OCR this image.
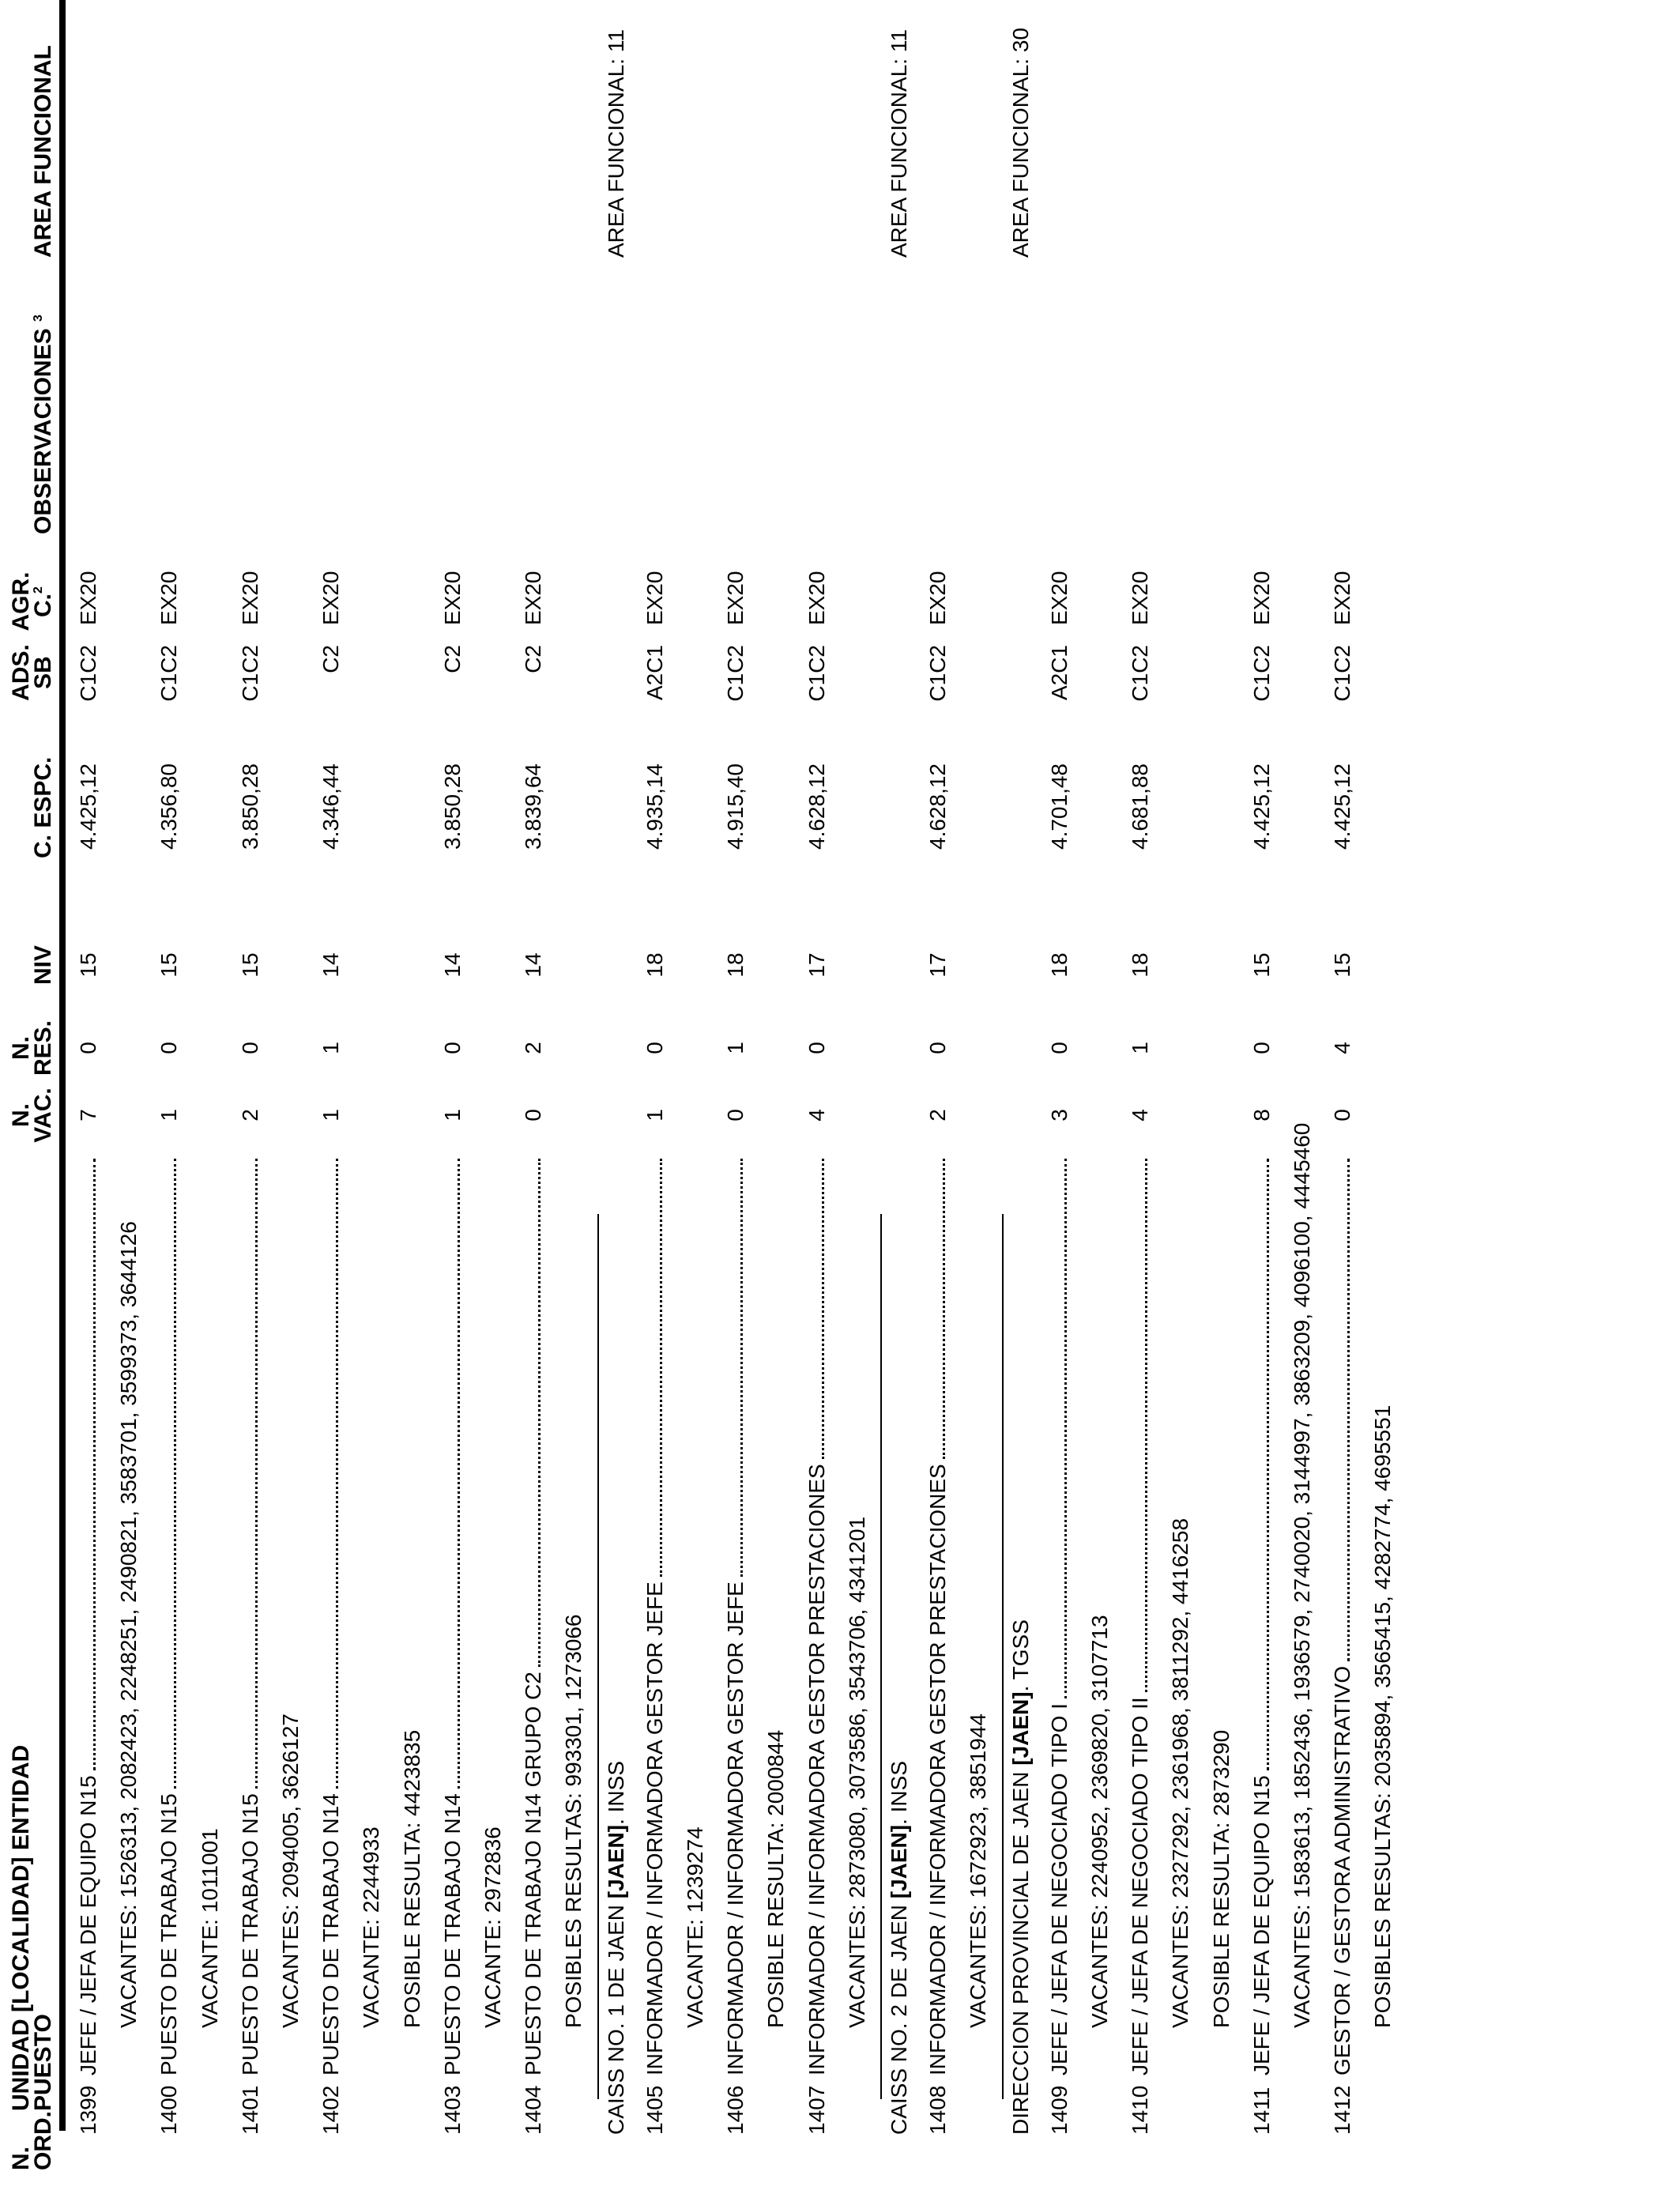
N.
ORD.
UNIDAD [LOCALIDAD] ENTIDAD
PUESTO
N.
VAC.
N.
RES.
NIV
C. ESPC.
ADS.
SB
AGR.
C.$^2$
OBSERVACIONES $^3$
AREA FUNCIONAL
1399
JEFE / JEFA DE EQUIPO N15
7
0
15
4.425,12
C1C2
EX20
VACANTES: 1526313, 2082423, 2248251, 2490821, 3583701, 3599373, 3644126
1400
PUESTO DE TRABAJO N15
1
0
15
4.356,80
C1C2
EX20
VACANTE: 1011001
1401
PUESTO DE TRABAJO N15
2
0
15
3.850,28
C1C2
EX20
VACANTES: 2094005, 3626127
1402
PUESTO DE TRABAJO N14
1
1
14
4.346,44
C2
EX20
VACANTE: 2244933 POSIBLE RESULTA: 4423835
1403
PUESTO DE TRABAJO N14
1
0
14
3.850,28
C2
EX20
VACANTE: 2972836
1404
PUESTO DE TRABAJO N14 GRUPO C2
0
2
14
3.839,64
C2
EX20
POSIBLES RESULTAS: 993301, 1273066 CAISS NO. 1 DE JAEN [JAEN]. INSS
AREA FUNCIONAL: 11
1405
INFORMADOR / INFORMADORA GESTOR JEFE
1
0
18
4.935,14
A2C1
EX20
VACANTE: 1239274
1406
INFORMADOR / INFORMADORA GESTOR JEFE
0
1
18
4.915,40
C1C2
EX20
POSIBLE RESULTA: 2000844
1407
INFORMADOR / INFORMADORA GESTOR PRESTACIONES
4
0
17
4.628,12
C1C2
EX20
VACANTES: 2873080, 3073586, 3543706, 4341201 CAISS NO. 2 DE JAEN [JAEN]. INSS
AREA FUNCIONAL: 11
1408
INFORMADOR / INFORMADORA GESTOR PRESTACIONES
2
0
17
4.628,12
C1C2
EX20
VACANTES: 1672923, 3851944 DIRECCION PROVINCIAL DE JAEN [JAEN]. TGSS
AREA FUNCIONAL: 30
1409
JEFE / JEFA DE NEGOCIADO TIPO I
3
0
18
4.701,48
A2C1
EX20
VACANTES: 2240952, 2369820, 3107713
1410
JEFE / JEFA DE NEGOCIADO TIPO II
4
1
18
4.681,88
C1C2
EX20
VACANTES: 2327292, 2361968, 3811292, 4416258 POSIBLE RESULTA: 2873290
1411
JEFE / JEFA DE EQUIPO N15
8
0
15
4.425,12
C1C2
EX20
VACANTES: 1583613, 1852436, 1936579, 2740020, 3144997, 3863209, 4096100, 4445460
1412
GESTOR / GESTORA ADMINISTRATIVO
0
4
15
4.425,12
C1C2
EX20
POSIBLES RESULTAS: 2035894, 3565415, 4282774, 4695551
